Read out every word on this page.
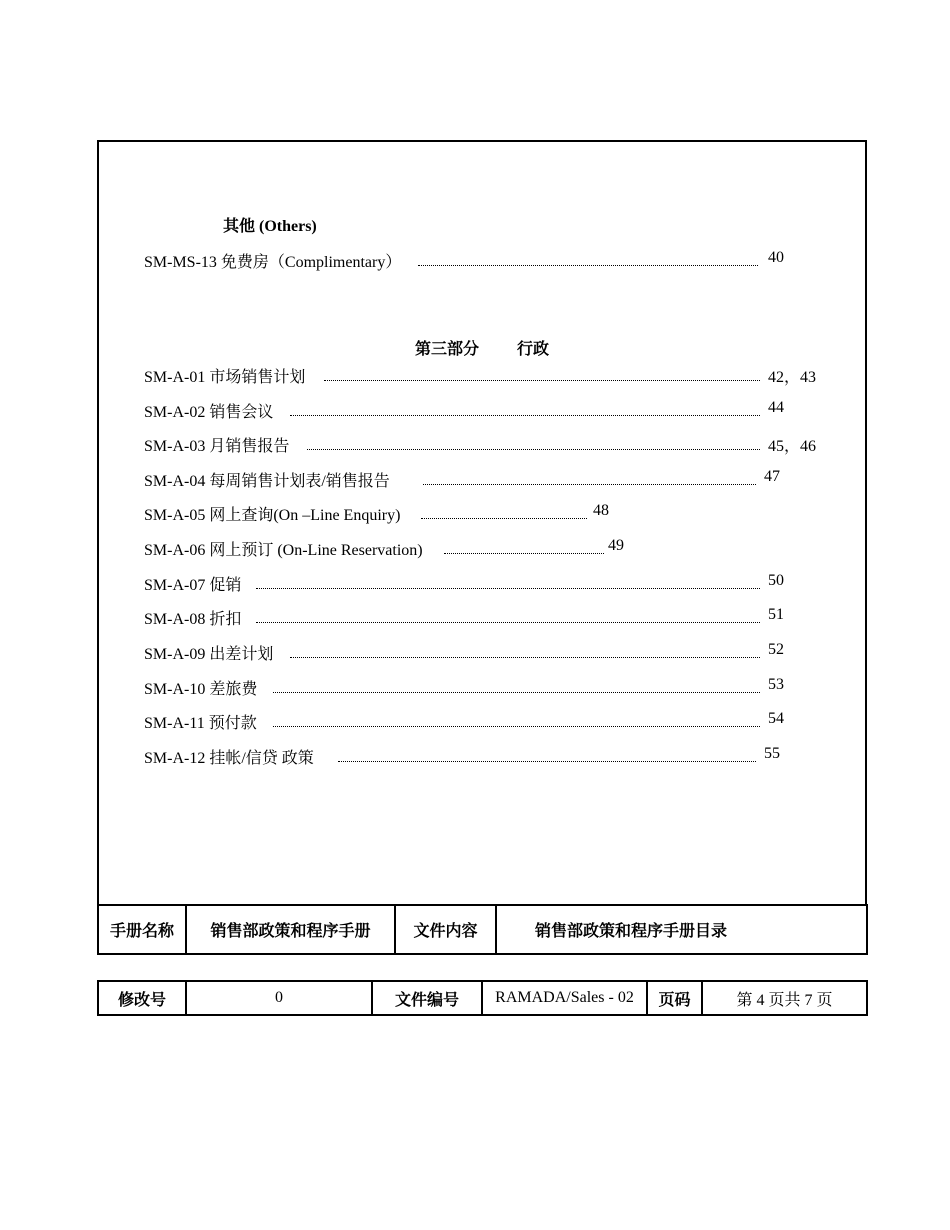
其他 (Others)
SM-MS-13 免费房（Complimentary）	40
第三部分 行政
SM-A-01 市场销售计划	42，43
SM-A-02 销售会议	44
SM-A-03 月销售报告	45，46
SM-A-04 每周销售计划表/销售报告	47
SM-A-05 网上查询(On –Line Enquiry)	48
SM-A-06 网上预订 (On-Line Reservation)	49
SM-A-07 促销	50
SM-A-08 折扣	51
SM-A-09 出差计划	52
SM-A-10 差旅费	53
SM-A-11 预付款	54
SM-A-12 挂帐/信贷 政策	55
手册名称	销售部政策和程序手册	文件内容	销售部政策和程序手册目录
修改号	0	文件编号	RAMADA/Sales - 02	页码	第 4 页共 7 页
